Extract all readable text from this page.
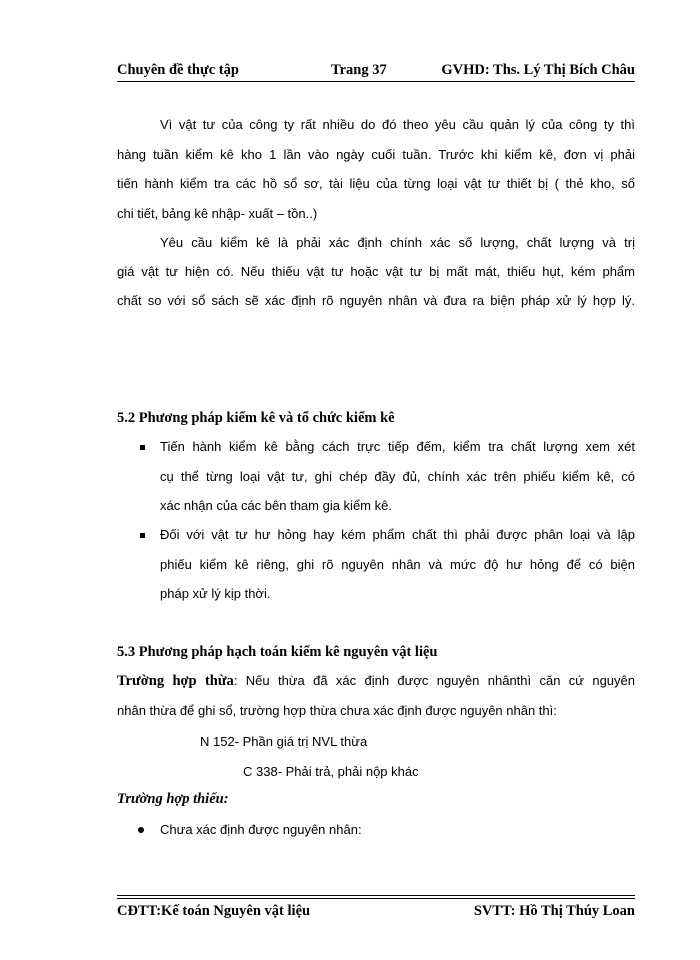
Chuyên đề thực tập	Trang 37	GVHD: Ths. Lý Thị Bích Châu
Vì vật tư của công ty rất nhiều do đó theo yêu cầu quản lý của công ty thì
hàng tuần kiểm kê kho 1 lần vào ngày cuối tuần. Trước khi kiểm kê, đơn vị phải
tiến hành kiểm tra các hồ sổ sơ, tài liệu của từng loại vật tư thiết bị ( thẻ kho, sổ
chi tiết, bảng kê nhập- xuất – tồn..)
Yêu cầu kiểm kê là phải xác định chính xác số lượng, chất lượng và trị
giá vật tư hiện có. Nếu thiếu vật tư hoặc vật tư bị mất mát, thiếu hụt, kém phẩm
chất so với sổ sách sẽ xác định rõ nguyên nhân và đưa ra biện pháp xử lý hợp lý.
5.2 Phương pháp kiểm kê và tổ chức kiểm kê
Tiến hành kiểm kê bằng cách trực tiếp đếm, kiểm tra chất lượng xem xét
cụ thể từng loại vật tư, ghi chép đầy đủ, chính xác trên phiếu kiểm kê, có
xác nhận của các bên tham gia kiểm kê.
Đối với vật tư hư hỏng hay kém phẩm chất thì phải được phân loại và lập
phiếu kiểm kê riêng, ghi rõ nguyên nhân và mức độ hư hỏng để có biện
pháp xử lý kịp thời.
5.3 Phương pháp hạch toán kiểm kê nguyên vật liệu
Trường hợp thừa: Nếu thừa đã xác định được nguyên nhânthì căn cứ nguyên
nhân thừa để ghi sổ, trường hợp thừa chưa xác định được nguyên nhân thì:
N 152- Phần giá trị NVL thừa
C 338- Phải trả, phải nộp khác
Trường hợp thiếu:
Chưa xác định được nguyên nhân:
CĐTT:Kế toán Nguyên vật liệu	SVTT: Hồ Thị Thúy Loan
